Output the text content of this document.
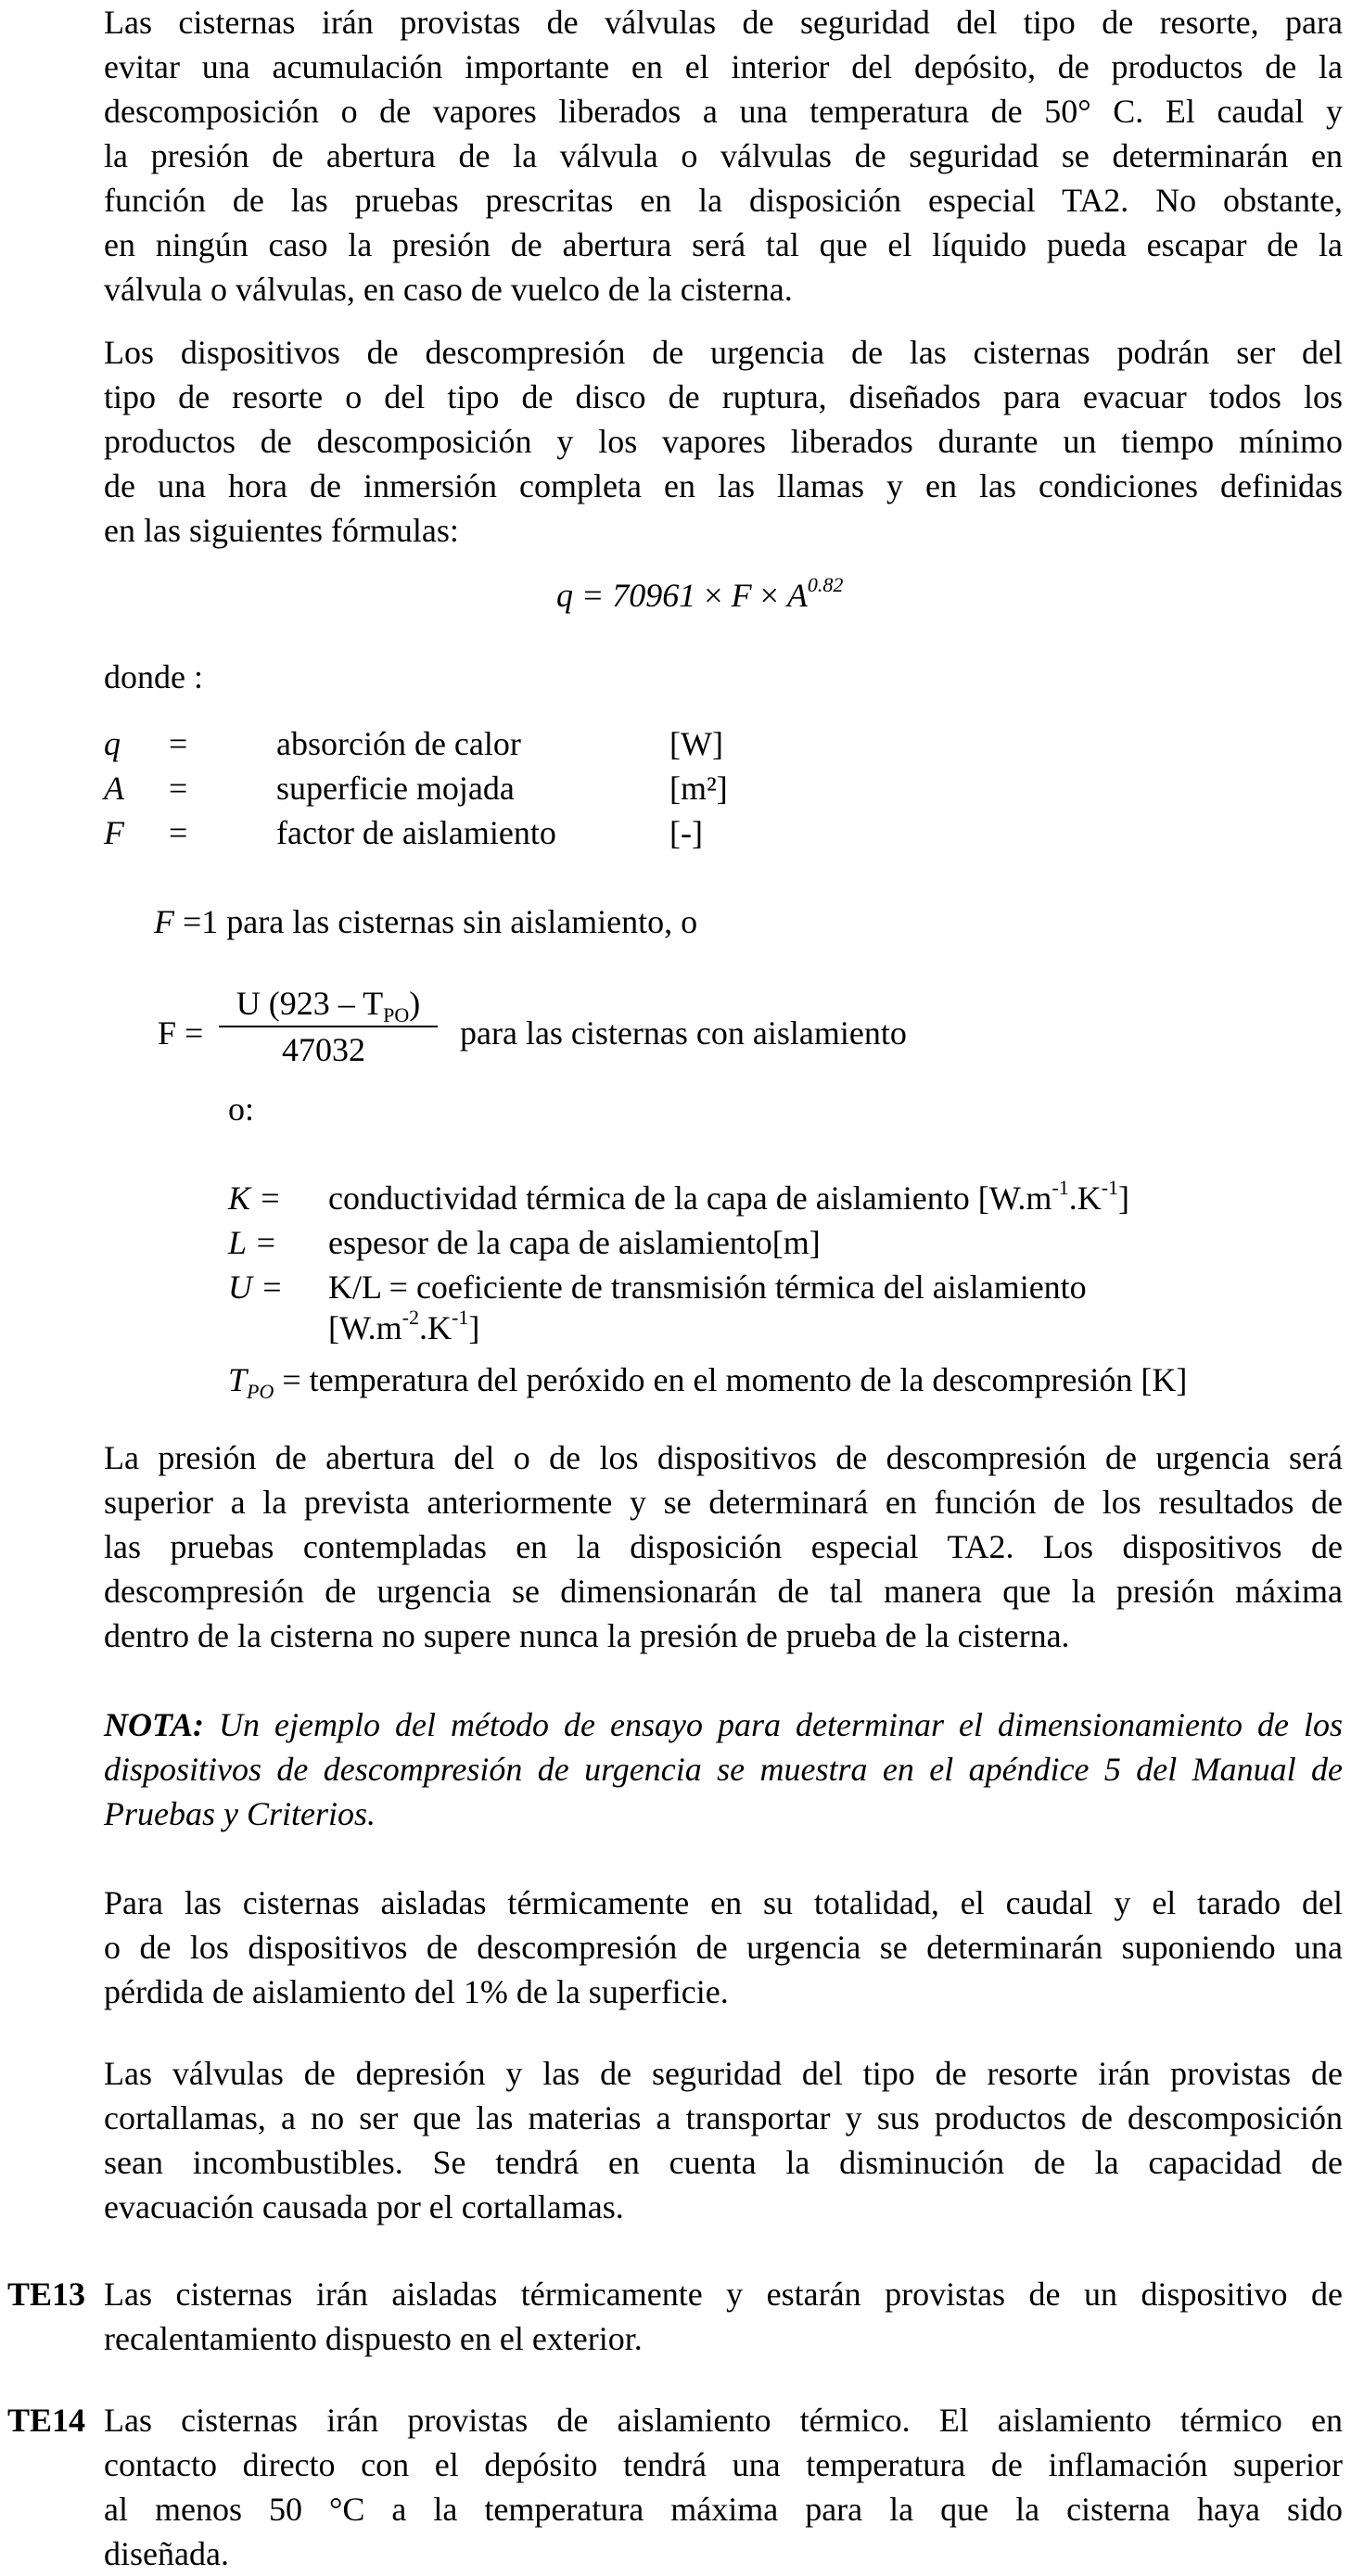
Las cisternas irán provistas de válvulas de seguridad del tipo de resorte, para
evitar una acumulación importante en el interior del depósito, de productos de la
descomposición o de vapores liberados a una temperatura de 50° C. El caudal y
la presión de abertura de la válvula o válvulas de seguridad se determinarán en
función de las pruebas prescritas en la disposición especial TA2. No obstante,
en ningún caso la presión de abertura será tal que el líquido pueda escapar de la
válvula o válvulas, en caso de vuelco de la cisterna.
Los dispositivos de descompresión de urgencia de las cisternas podrán ser del
tipo de resorte o del tipo de disco de ruptura, diseñados para evacuar todos los
productos de descomposición y los vapores liberados durante un tiempo mínimo
de una hora de inmersión completa en las llamas y en las condiciones definidas
en las siguientes fórmulas:
$q = 70961 \times F \times A^{0.82}$
donde :
q =	absorción de calor	[W]
A =	superficie mojada	[m²]
F =	factor de aislamiento	[-]
F =1 para las cisternas sin aislamiento, o
F =
U $(923 - T_{PO})$
47032	para las cisternas con aislamiento
o:
K = conductividad térmica de la capa de aislamiento $[W.m^{-1}.K^{-1}]$
L = espesor de la capa de aislamiento[m]
U = K/L = coeficiente de transmisión térmica del aislamiento
$[W.m^{-2}.K^{-1}]$
$T_{PO}$ = temperatura del peróxido en el momento de la descompresión [K]
La presión de abertura del o de los dispositivos de descompresión de urgencia será
superior a la prevista anteriormente y se determinará en función de los resultados de
las pruebas contempladas en la disposición especial TA2. Los dispositivos de
descompresión de urgencia se dimensionarán de tal manera que la presión máxima
dentro de la cisterna no supere nunca la presión de prueba de la cisterna.
NOTA: Un ejemplo del método de ensayo para determinar el dimensionamiento de los
dispositivos de descompresión de urgencia se muestra en el apéndice 5 del Manual de
Pruebas y Criterios.
Para las cisternas aisladas térmicamente en su totalidad, el caudal y el tarado del
o de los dispositivos de descompresión de urgencia se determinarán suponiendo una
pérdida de aislamiento del 1% de la superficie.
Las válvulas de depresión y las de seguridad del tipo de resorte irán provistas de
cortallamas, a no ser que las materias a transportar y sus productos de descomposición
sean incombustibles. Se tendrá en cuenta la disminución de la capacidad de
evacuación causada por el cortallamas.
TE13 Las cisternas irán aisladas térmicamente y estarán provistas de un dispositivo de
recalentamiento dispuesto en el exterior.
TE14 Las cisternas irán provistas de aislamiento térmico. El aislamiento térmico en
contacto directo con el depósito tendrá una temperatura de inflamación superior
al menos 50 °C a la temperatura máxima para la que la cisterna haya sido
diseñada.
